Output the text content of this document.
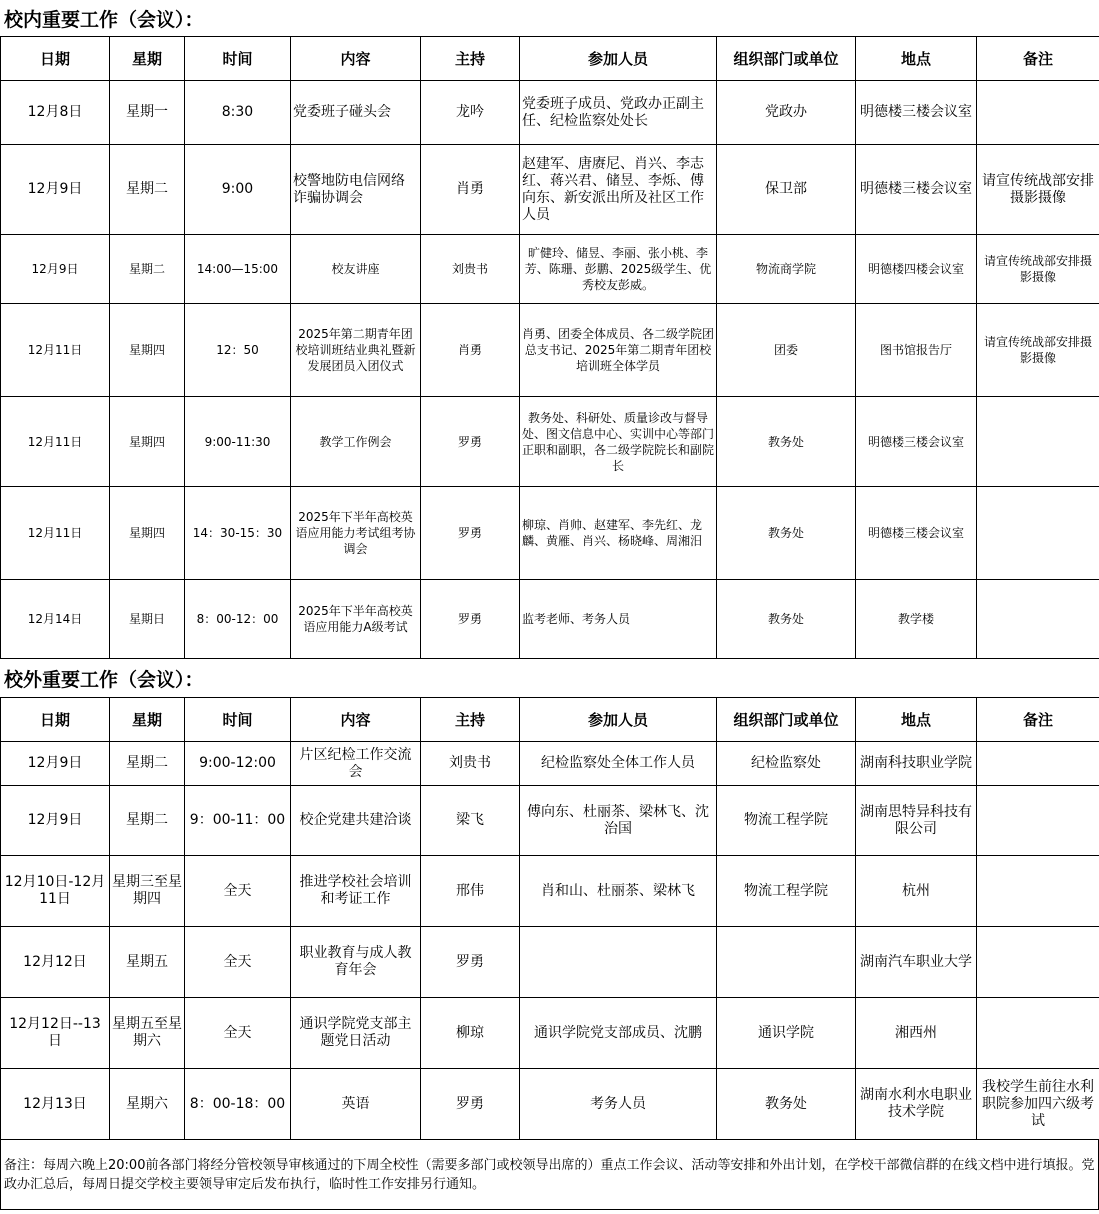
校内重要工作（会议）：
日期	星期	时间	内容	主持	参加人员	组织部门或单位	地点	备注
12月8日	星期一	8:30	党委班子碰头会	龙吟	党委班子成员、党政办正副主任、纪检监察处处长	党政办	明德楼三楼会议室	
12月9日	星期二	9:00	校警地防电信网络诈骗协调会	肖勇	赵建军、唐赓尼、肖兴、李志红、蒋兴君、储昱、李烁、傅向东、新安派出所及社区工作人员	保卫部	明德楼三楼会议室	请宣传统战部安排摄影摄像
12月9日	星期二	14:00—15:00	校友讲座	刘贵书	旷健玲、储昱、李丽、张小桃、李芳、陈珊、彭鹏、2025级学生、优秀校友彭威。	物流商学院	明德楼四楼会议室	请宣传统战部安排摄影摄像
12月11日	星期四	12：50	2025年第二期青年团校培训班结业典礼暨新发展团员入团仪式	肖勇	肖勇、团委全体成员、各二级学院团总支书记、2025年第二期青年团校培训班全体学员	团委	图书馆报告厅	请宣传统战部安排摄影摄像
12月11日	星期四	9:00-11:30	教学工作例会	罗勇	教务处、科研处、质量诊改与督导处、图文信息中心、实训中心等部门正职和副职，各二级学院院长和副院长	教务处	明德楼三楼会议室	
12月11日	星期四	14：30-15：30	2025年下半年高校英语应用能力考试组考协调会	罗勇	柳琼、肖帅、赵建军、李先红、龙麟、黄雁、肖兴、杨晓峰、周湘汨	教务处	明德楼三楼会议室	
12月14日	星期日	8：00-12：00	2025年下半年高校英语应用能力A级考试	罗勇	监考老师、考务人员	教务处	教学楼	
校外重要工作（会议）：
日期	星期	时间	内容	主持	参加人员	组织部门或单位	地点	备注
12月9日	星期二	9:00-12:00	片区纪检工作交流会	刘贵书	纪检监察处全体工作人员	纪检监察处	湖南科技职业学院	
12月9日	星期二	9：00-11：00	校企党建共建洽谈	梁飞	傅向东、杜丽茶、梁林飞、沈治国	物流工程学院	湖南思特异科技有限公司	
12月10日-12月11日	星期三至星期四	全天	推进学校社会培训和考证工作	邢伟	肖和山、杜丽茶、梁林飞	物流工程学院	杭州	
12月12日	星期五	全天	职业教育与成人教育年会	罗勇			湖南汽车职业大学	
12月12日--13日	星期五至星期六	全天	通识学院党支部主题党日活动	柳琼	通识学院党支部成员、沈鹏	通识学院	湘西州	
12月13日	星期六	8：00-18：00	英语	罗勇	考务人员	教务处	湖南水利水电职业技术学院	我校学生前往水利职院参加四六级考试
备注：每周六晚上20:00前各部门将经分管校领导审核通过的下周全校性（需要多部门或校领导出席的）重点工作会议、活动等安排和外出计划，在学校干部微信群的在线文档中进行填报。党政办汇总后，每周日提交学校主要领导审定后发布执行，临时性工作安排另行通知。
